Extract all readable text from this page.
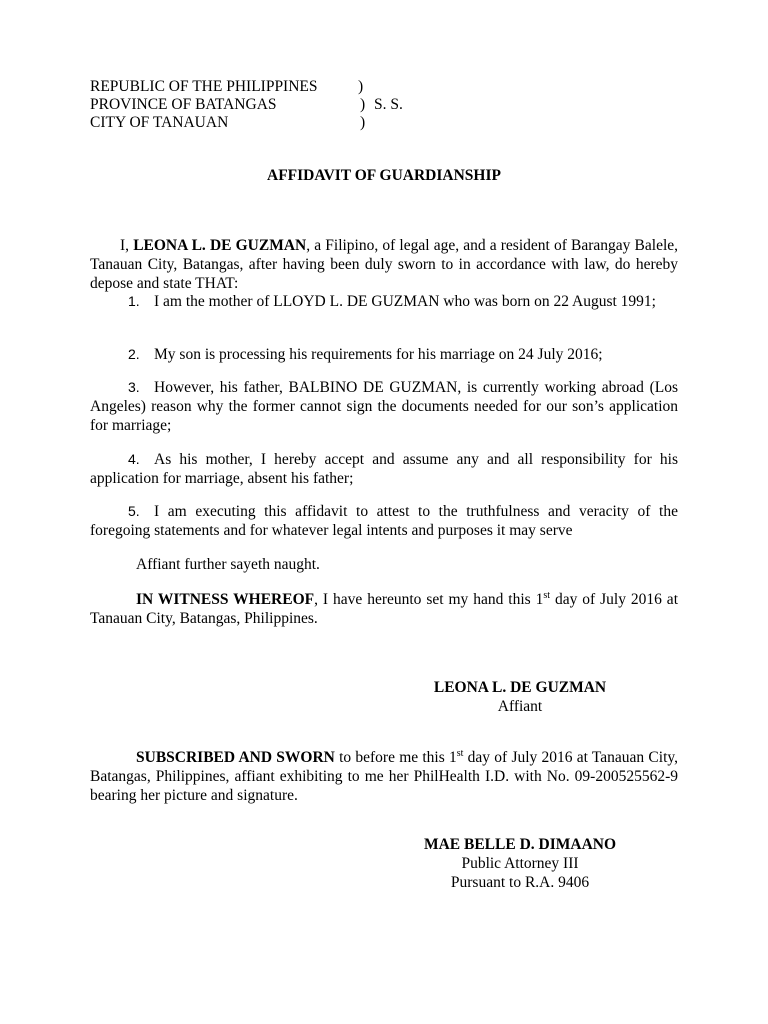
REPUBLIC OF THE PHILIPPINES	)
PROVINCE OF BATANGAS	) S. S.
CITY OF TANAUAN	)
AFFIDAVIT OF GUARDIANSHIP
I, LEONA L. DE GUZMAN, a Filipino, of legal age, and a resident of Barangay Balele, Tanauan City, Batangas, after having been duly sworn to in accordance with law, do hereby depose and state THAT:
1. I am the mother of LLOYD L. DE GUZMAN who was born on 22 August 1991;
2. My son is processing his requirements for his marriage on 24 July 2016;
3. However, his father, BALBINO DE GUZMAN, is currently working abroad (Los Angeles) reason why the former cannot sign the documents needed for our son’s application for marriage;
4. As his mother, I hereby accept and assume any and all responsibility for his application for marriage, absent his father;
5. I am executing this affidavit to attest to the truthfulness and veracity of the foregoing statements and for whatever legal intents and purposes it may serve
Affiant further sayeth naught.
IN WITNESS WHEREOF, I have hereunto set my hand this 1st day of July 2016 at Tanauan City, Batangas, Philippines.
LEONA L. DE GUZMAN
Affiant
SUBSCRIBED AND SWORN to before me this 1st day of July 2016 at Tanauan City, Batangas, Philippines, affiant exhibiting to me her PhilHealth I.D. with No. 09-200525562-9 bearing her picture and signature.
MAE BELLE D. DIMAANO
Public Attorney III
Pursuant to R.A. 9406
